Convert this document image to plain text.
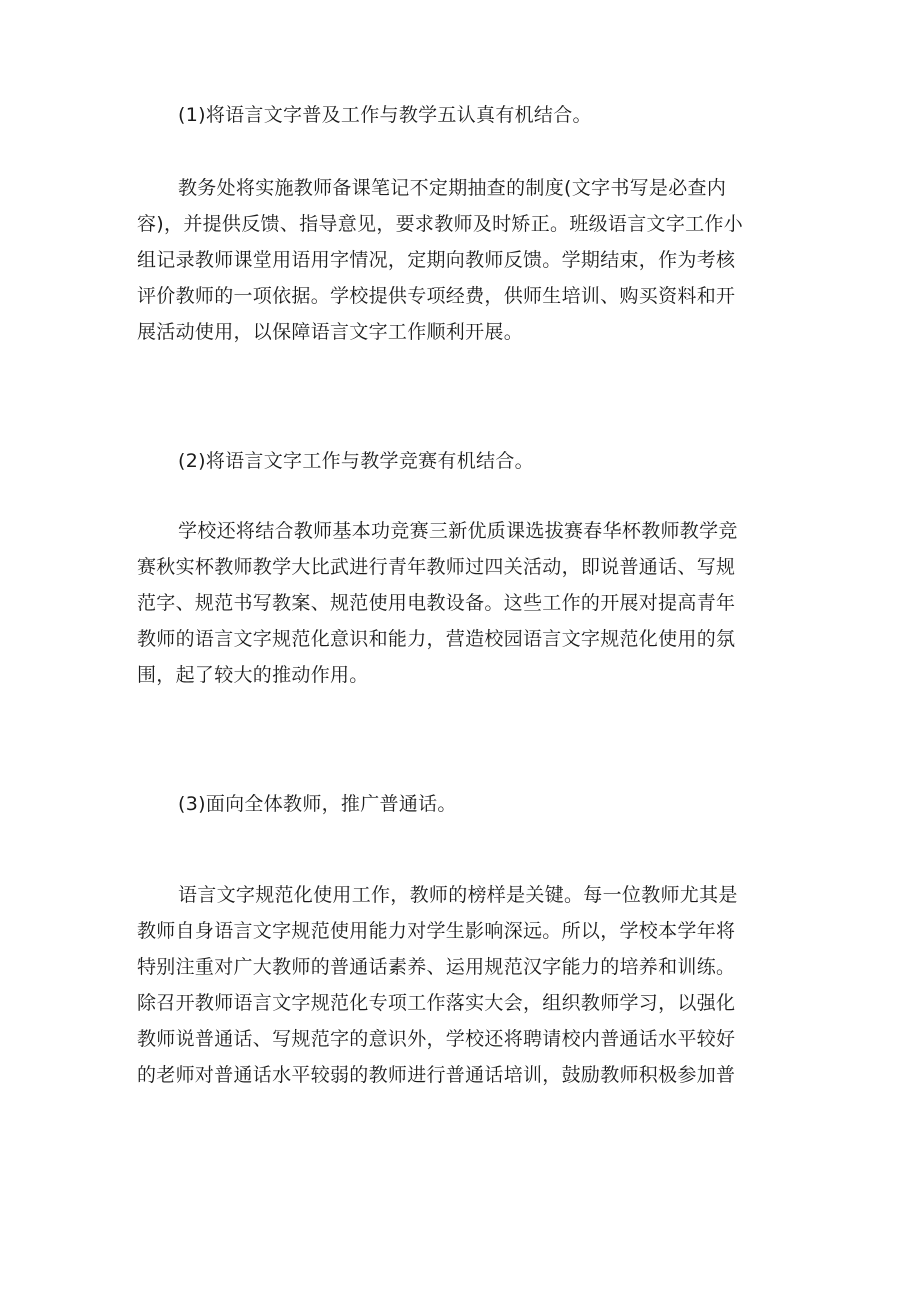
(1)将语言文字普及工作与教学五认真有机结合。

教务处将实施教师备课笔记不定期抽查的制度(文字书写是必查内
容)，并提供反馈、指导意见，要求教师及时矫正。班级语言文字工作小
组记录教师课堂用语用字情况，定期向教师反馈。学期结束，作为考核
评价教师的一项依据。学校提供专项经费，供师生培训、购买资料和开
展活动使用，以保障语言文字工作顺利开展。

(2)将语言文字工作与教学竞赛有机结合。

学校还将结合教师基本功竞赛三新优质课选拔赛春华杯教师教学竞
赛秋实杯教师教学大比武进行青年教师过四关活动，即说普通话、写规
范字、规范书写教案、规范使用电教设备。这些工作的开展对提高青年
教师的语言文字规范化意识和能力，营造校园语言文字规范化使用的氛
围，起了较大的推动作用。

(3)面向全体教师，推广普通话。

语言文字规范化使用工作，教师的榜样是关键。每一位教师尤其是
教师自身语言文字规范使用能力对学生影响深远。所以，学校本学年将
特别注重对广大教师的普通话素养、运用规范汉字能力的培养和训练。
除召开教师语言文字规范化专项工作落实大会，组织教师学习，以强化
教师说普通话、写规范字的意识外，学校还将聘请校内普通话水平较好
的老师对普通话水平较弱的教师进行普通话培训，鼓励教师积极参加普
